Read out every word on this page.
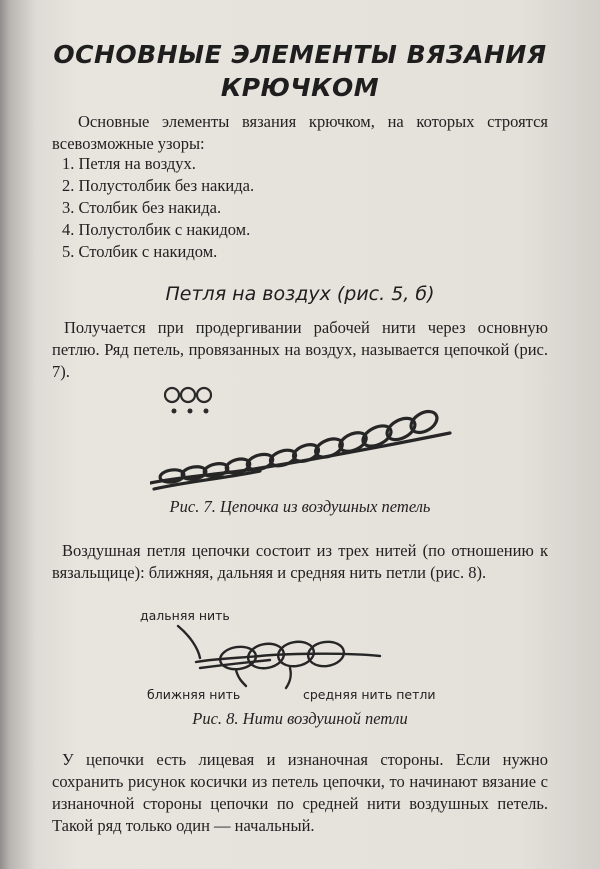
ОСНОВНЫЕ ЭЛЕМЕНТЫ ВЯЗАНИЯ
КРЮЧКОМ
Основные элементы вязания крючком, на которых строятся всевозможные узоры:
1. Петля на воздух.
2. Полустолбик без накида.
3. Столбик без накида.
4. Полустолбик с накидом.
5. Столбик с накидом.
Петля на воздух (рис. 5, б)
Получается при продергивании рабочей нити через основную петлю. Ряд петель, провязанных на воздух, называется цепочкой (рис. 7).
Рис. 7. Цепочка из воздушных петель
Воздушная петля цепочки состоит из трех нитей (по отношению к вязальщице): ближняя, дальняя и средняя нить петли (рис. 8).
дальняя нить
ближняя нить	средняя нить петли
Рис. 8. Нити воздушной петли
У цепочки есть лицевая и изнаночная стороны. Если нужно сохранить рисунок косички из петель цепочки, то начинают вязание с изнаночной стороны цепочки по средней нити воздушных петель. Такой ряд только один — начальный.
